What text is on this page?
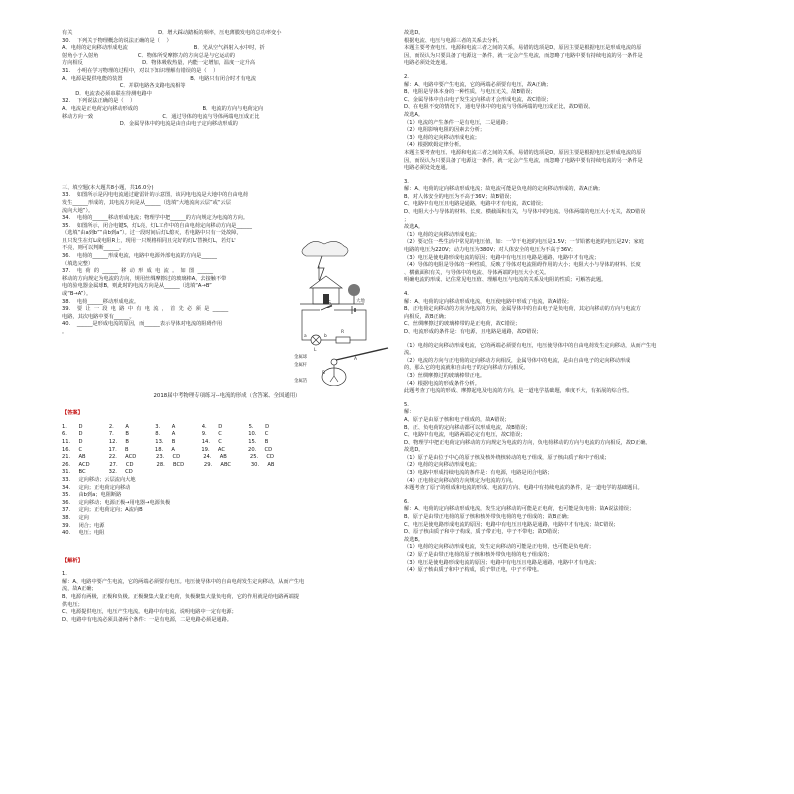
有关                                                    D．增大踩动踏板的频率，压电薄膜发电的总功率变小

30.    下列关于物理概念的说法正确的是（    ）

A．电荷的定向移动形成电流                                        B．光从空气斜射入水中时，折

射角小于入射角                        C．物体所受摩擦力的方向总是与它运动的

方向相反                                    D．物体吸收热量，内能一定增加，温度一定升高

31.    小明在学习物理的过程中，对以下知识理解有错误的是（    ）

A．电源是提供电能的装置                                         B．电路只有闭合时才有电流

C．并联电路各支路电流相等

D．电流表必须串联在待测电路中

32.    下列说法正确的是（    ）

A．电流是正电荷定向移动形成的                                       B．电流的方向与电荷定向

移动方向一致                                          C．通过导体的电流与导体两端电压成正比

D．金属导体中的电流是由自由电子定向移动形成的

三、填空题(本大题共8小题，共16.0分)

33.    如图所示是闪电电流通过避雷针的示意图，该闪电电流是大地中的自由电荷

发生______形成的，其电流方向是从______（选填“大地流向云层”或“云层

流向大地”）。

34.    电荷的______移动形成电流；物理学中把______的方向规定为电流的方向。

35.    如图所示，闭合电键S，灯L亮，灯L工作中的自由电荷定向移动方向是______

（选填“由a到b”“由b到a”）。过一段时间后灯L熄灭，若电路中只有一处故障，

且只发生在灯L或电阻R上，现用一只规格相同且完好的灯L'替换灯L，若灯L'

不亮，则可以判断______。

36.    电荷的______形成电流，电路中电源外部电流的方向是______

（填选完整）

37.    电  荷  的  ______  移  动  形  成  电  流  。  如  图  ______

移动的方向规定为电流的方向，规用丝绸摩擦过的玻璃棒A，去接触不带

电的验电器金属球B，则此时的电流方向是从______（选填“A→B”

或“B→A”）。

38.    电荷______移动形成电流。

39.    要  让  一  段  电  路  中  有  电  流  ，  首  先  必  须  是  ______

电路，其次电路中要有______。

40.    ______是形成电流的原因，而______表示导体对电流的阻碍作用

。

2018届中考物理专项练习--电流的形成（含答案、全国通用）

【答案】

1.       D                2.       A                3.       A                4.       D                5.       D

6.       D                7.       B                8.       A                9.       C                10.     C

11.     D                12.     B                13.     B                14.     C                15.     B

16.     C                17.     B                18.     A                19.     AC              20.     CD

21.     AB              22.     ACD            23.     CD              24.     AB              25.     CD

26.     ACD            27.     CD              28.     BCD            29.     ABC            30.     AB

31.     BC              32.     CD

33.     定向移动；云层流向大地

34.     定向；正电荷定向移动

35.     由b到a；电阻断路

36.     定向移动；电源正极→用电器→电源负极

37.     定向；正电荷定向；A流向B

38.     定向

39.     闭合；电源

40.     电压；电阻

【解析】

1.

解：A、电路中要产生电流，它的两端必须要有电压。电压使导体中的自由电荷发生定向移动，从而产生电

流，故A正确；

B、电源有两极，正极和负极。正极聚集大量正电荷，负极聚集大量负电荷，它的作用就是给电路两端提

供电压；

C、电源提供电压，电压产生电流。电路中有电流，说明电路中一定有电源；

D、电路中有电流必须具备两个条件：一是有电源，二是电路必须是通路。

故选D。

根据电流、电压与电源三者的关系去分析。

本题主要考查电压、电源和电流三者之间的关系，易错的选项是D，原因主要是根据电压是形成电流的原

因，而误认为只要具备了电源这一条件，就一定会产生电流，而忽略了电路中要有持续电流的另一条件是

电路必须处处连通。

2.

解：A、电路中要产生电流，它的两端必须要有电压，故A正确；

B、电阻是导体本身的一种性质，与电压无关，故B错误；

C、金属导体中自由电子发生定向移动才会形成电流，故C错误；

D、在电阻不变的情况下，通电导体中的电流与导体两端的电压成正比，故D错误。

故选A。

（1）电流的产生条件一是有电压，二是通路；

（2）电阻影响电阻的因素去分析；

（3）电荷的定向移动形成电流；

（4）根据欧姆定律分析。

本题主要考查电压、电源和电流三者之间的关系，易错的选项是D，原因主要是根据电压是形成电流的原

因，而误认为只要具备了电源这一条件，就一定会产生电流，而忽略了电路中要有持续电流的另一条件是

电路必须处处连通。

3.

解：A、电荷的定向移动形成电流；故电流可能是负电荷的定向移动形成的，故A正确；

B、对人体安全的电压为不高于36V；故B错误；

C、电路中有电压且电路是通路，电路中才有电流，故C错误；

D、电阻大小与导体的材料、长度、横截面积有关，与导体中的电流、导体两端的电压大小无关，故D错误

；

故选A。

（1）电荷的定向移动形成电流；

（2）要记住一些生活中常见的电压值，如：一节干电池的电压是1.5V；一节铅蓄电池的电压是2V；家庭

电路的电压为220V；动力电压为380V；对人体安全的电压为不高于36V；

（3）电压是使电路形成电流的原因；电路中有电压且电路是通路，电路中才有电流；

（4）导体的电阻是导体的一种性质，反映了导体对电流阻碍作用的大小；电阻大小与导体的材料、长度

、横截面积有关，与导体中的电流、导体两端的电压大小无关。

明确电流的形成、记住常见电压值、理解电压与电流的关系及电阻的性质；可解答此题。

4.

解：A、电荷的定向移动形成电流，电压使电路中形成了电流，故A错误；

B、正电荷定向移动的方向为电流的方向，金属导体中的自由电子是负电荷，其定向移动的方向与电流方

向相反，故B正确；

C、丝绸摩擦过的玻璃棒带的是正电荷，故C错误；

D、电流形成的条件是：有电源，且电路是通路，故D错误；

（1）电荷的定向移动形成电流，它的两端必须要有电压，电压使导体中的自由电荷发生定向移动，从而产生电

流。

（2）电流的方向与正电荷的定向移动方向相反，金属导体中的电流，是由自由电子的定向移动形成

的，那么它的电流就和自由电子的定向移动方向相反。

（3）丝绸摩擦过的玻璃棒带正电。

（4）根据电流的形成条件分析。

此题考查了电流的形成、摩擦起电及电流的方向，是一道电学基础题，难度不大，有拓展的综合性。

5.

解：

A、原子是由原子核和电子组成的，故A错误；

B、正、负电荷的定向移动都可以形成电流，故B错误；

C、电路中有电流，电路两端必定有电压，故C错误；

D、物理学中把正电荷定向移动的方向规定为电流的方向，负电荷移动的方向与电流的方向相反，故D正确。

故选D。

（1）原子是由位于中心的原子核及核外绕核转动的电子组成，原子核由质子和中子组成；

（2）电荷的定向移动形成电流；

（3）电路中形成持续电流的条件是：有电源，电路是闭合电路；

（4）正电荷定向移动的方向规定为电流的方向。

本题考查了原子的组成和电流的形成、电流的方向、电路中有持续电流的条件，是一道电学的基础题目。

6.

解：A、电荷的定向移动形成电流，发生定向移动的可能是正电荷，也可能是负电荷；故A说法错误；

B、原子是由带正电荷的原子核和核外带负电荷的电子组成的；故B正确；

C、电压是使电路形成电流的原因；电路中有电压且电路是通路，电路中才有电流；故C错误；

D、原子核由质子和中子构成，质子带正电，中子不带电；故D错误；

故选B。

（1）电荷的定向移动形成电流，发生定向移动的可能是正电荷，也可能是负电荷；

（2）原子是由带正电荷的原子核和核外带负电荷的电子组成的；

（3）电压是使电路形成电流的原因；电路中有电压且电路是通路，电路中才有电流；

（4）原子核由质子和中子构成，质子带正电，中子不带电。

大地
L
a	b
R
S
A
B
金属球
金属杆
金属箔
